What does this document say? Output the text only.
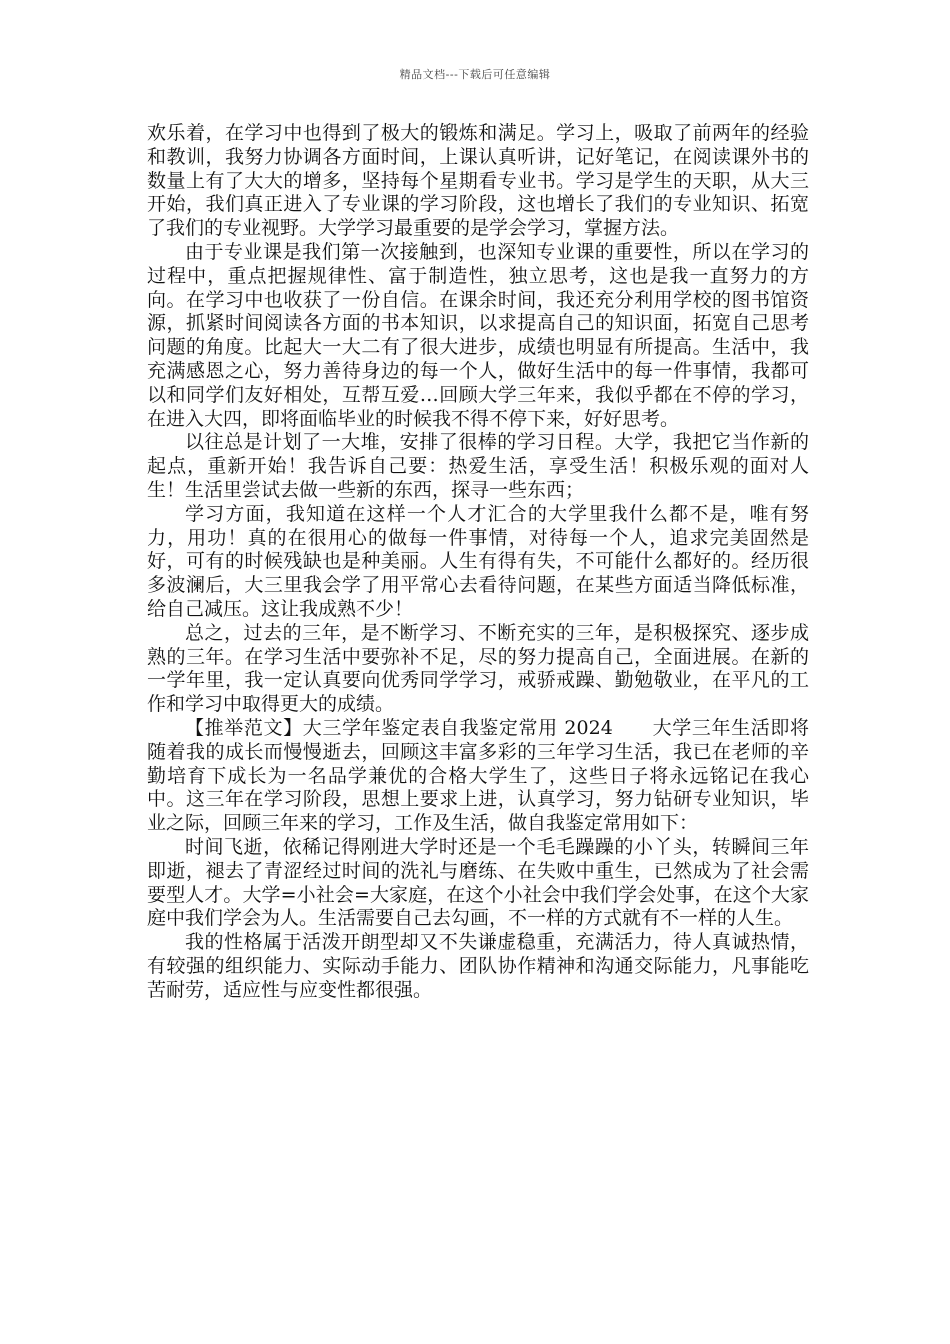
精品文档---下载后可任意编辑

欢乐着，在学习中也得到了极大的锻炼和满足。学习上，吸取了前两年的经验和教训，我努力协调各方面时间，上课认真听讲，记好笔记，在阅读课外书的数量上有了大大的增多，坚持每个星期看专业书。学习是学生的天职，从大三开始，我们真正进入了专业课的学习阶段，这也增长了我们的专业知识、拓宽了我们的专业视野。大学学习最重要的是学会学习，掌握方法。

由于专业课是我们第一次接触到，也深知专业课的重要性，所以在学习的过程中，重点把握规律性、富于制造性，独立思考，这也是我一直努力的方向。在学习中也收获了一份自信。在课余时间，我还充分利用学校的图书馆资源，抓紧时间阅读各方面的书本知识，以求提高自己的知识面，拓宽自己思考问题的角度。比起大一大二有了很大进步，成绩也明显有所提高。生活中，我充满感恩之心，努力善待身边的每一个人，做好生活中的每一件事情，我都可以和同学们友好相处，互帮互爱…回顾大学三年来，我似乎都在不停的学习，在进入大四，即将面临毕业的时候我不得不停下来，好好思考。

以往总是计划了一大堆，安排了很棒的学习日程。大学，我把它当作新的起点，重新开始！我告诉自己要：热爱生活，享受生活！积极乐观的面对人生！生活里尝试去做一些新的东西，探寻一些东西；

学习方面，我知道在这样一个人才汇合的大学里我什么都不是，唯有努力，用功！真的在很用心的做每一件事情，对待每一个人，追求完美固然是好，可有的时候残缺也是种美丽。人生有得有失，不可能什么都好的。经历很多波澜后，大三里我会学了用平常心去看待问题，在某些方面适当降低标准，给自己减压。这让我成熟不少！

总之，过去的三年，是不断学习、不断充实的三年，是积极探究、逐步成熟的三年。在学习生活中要弥补不足，尽的努力提高自己，全面进展。在新的一学年里，我一定认真要向优秀同学学习，戒骄戒躁、勤勉敬业，在平凡的工作和学习中取得更大的成绩。

【推举范文】大三学年鉴定表自我鉴定常用 2024　　大学三年生活即将随着我的成长而慢慢逝去，回顾这丰富多彩的三年学习生活，我已在老师的辛勤培育下成长为一名品学兼优的合格大学生了，这些日子将永远铭记在我心中。这三年在学习阶段，思想上要求上进，认真学习，努力钻研专业知识，毕业之际，回顾三年来的学习，工作及生活，做自我鉴定常用如下：

时间飞逝，依稀记得刚进大学时还是一个毛毛躁躁的小丫头，转瞬间三年即逝，褪去了青涩经过时间的洗礼与磨练、在失败中重生，已然成为了社会需要型人才。大学=小社会=大家庭，在这个小社会中我们学会处事，在这个大家庭中我们学会为人。生活需要自己去勾画，不一样的方式就有不一样的人生。

我的性格属于活泼开朗型却又不失谦虚稳重，充满活力，待人真诚热情，有较强的组织能力、实际动手能力、团队协作精神和沟通交际能力，凡事能吃苦耐劳，适应性与应变性都很强。
